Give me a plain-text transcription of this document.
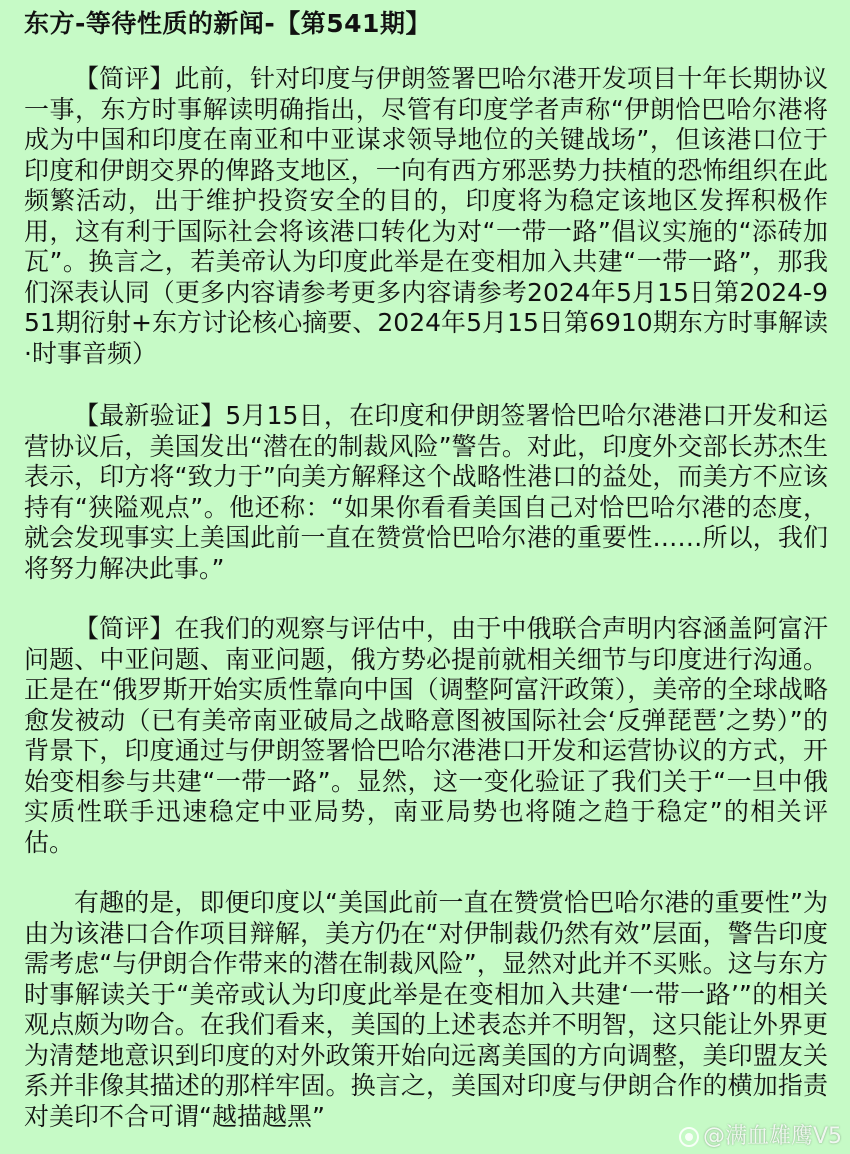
东方-等待性质的新闻-【第541期】

【简评】此前，针对印度与伊朗签署巴哈尔港开发项目十年长期协议一事，东方时事解读明确指出，尽管有印度学者声称“伊朗恰巴哈尔港将成为中国和印度在南亚和中亚谋求领导地位的关键战场”，但该港口位于印度和伊朗交界的俾路支地区，一向有西方邪恶势力扶植的恐怖组织在此频繁活动，出于维护投资安全的目的，印度将为稳定该地区发挥积极作用，这有利于国际社会将该港口转化为对“一带一路”倡议实施的“添砖加瓦”。换言之，若美帝认为印度此举是在变相加入共建“一带一路”，那我们深表认同（更多内容请参考更多内容请参考2024年5月15日第2024-951期衍射+东方讨论核心摘要、2024年5月15日第6910期东方时事解读·时事音频）

【最新验证】5月15日，在印度和伊朗签署恰巴哈尔港港口开发和运营协议后，美国发出“潜在的制裁风险”警告。对此，印度外交部长苏杰生表示，印方将“致力于”向美方解释这个战略性港口的益处，而美方不应该持有“狭隘观点”。他还称：“如果你看看美国自己对恰巴哈尔港的态度，就会发现事实上美国此前一直在赞赏恰巴哈尔港的重要性……所以，我们将努力解决此事。”

【简评】在我们的观察与评估中，由于中俄联合声明内容涵盖阿富汗问题、中亚问题、南亚问题，俄方势必提前就相关细节与印度进行沟通。正是在“俄罗斯开始实质性靠向中国（调整阿富汗政策），美帝的全球战略愈发被动（已有美帝南亚破局之战略意图被国际社会‘反弹琵琶’之势）”的背景下，印度通过与伊朗签署恰巴哈尔港港口开发和运营协议的方式，开始变相参与共建“一带一路”。显然，这一变化验证了我们关于“一旦中俄实质性联手迅速稳定中亚局势，南亚局势也将随之趋于稳定”的相关评估。

有趣的是，即便印度以“美国此前一直在赞赏恰巴哈尔港的重要性”为由为该港口合作项目辩解，美方仍在“对伊制裁仍然有效”层面，警告印度需考虑“与伊朗合作带来的潜在制裁风险”，显然对此并不买账。这与东方时事解读关于“美帝或认为印度此举是在变相加入共建‘一带一路’”的相关观点颇为吻合。在我们看来，美国的上述表态并不明智，这只能让外界更为清楚地意识到印度的对外政策开始向远离美国的方向调整，美印盟友关系并非像其描述的那样牢固。换言之，美国对印度与伊朗合作的横加指责对美印不合可谓“越描越黑”

@满血雄鹰V5
